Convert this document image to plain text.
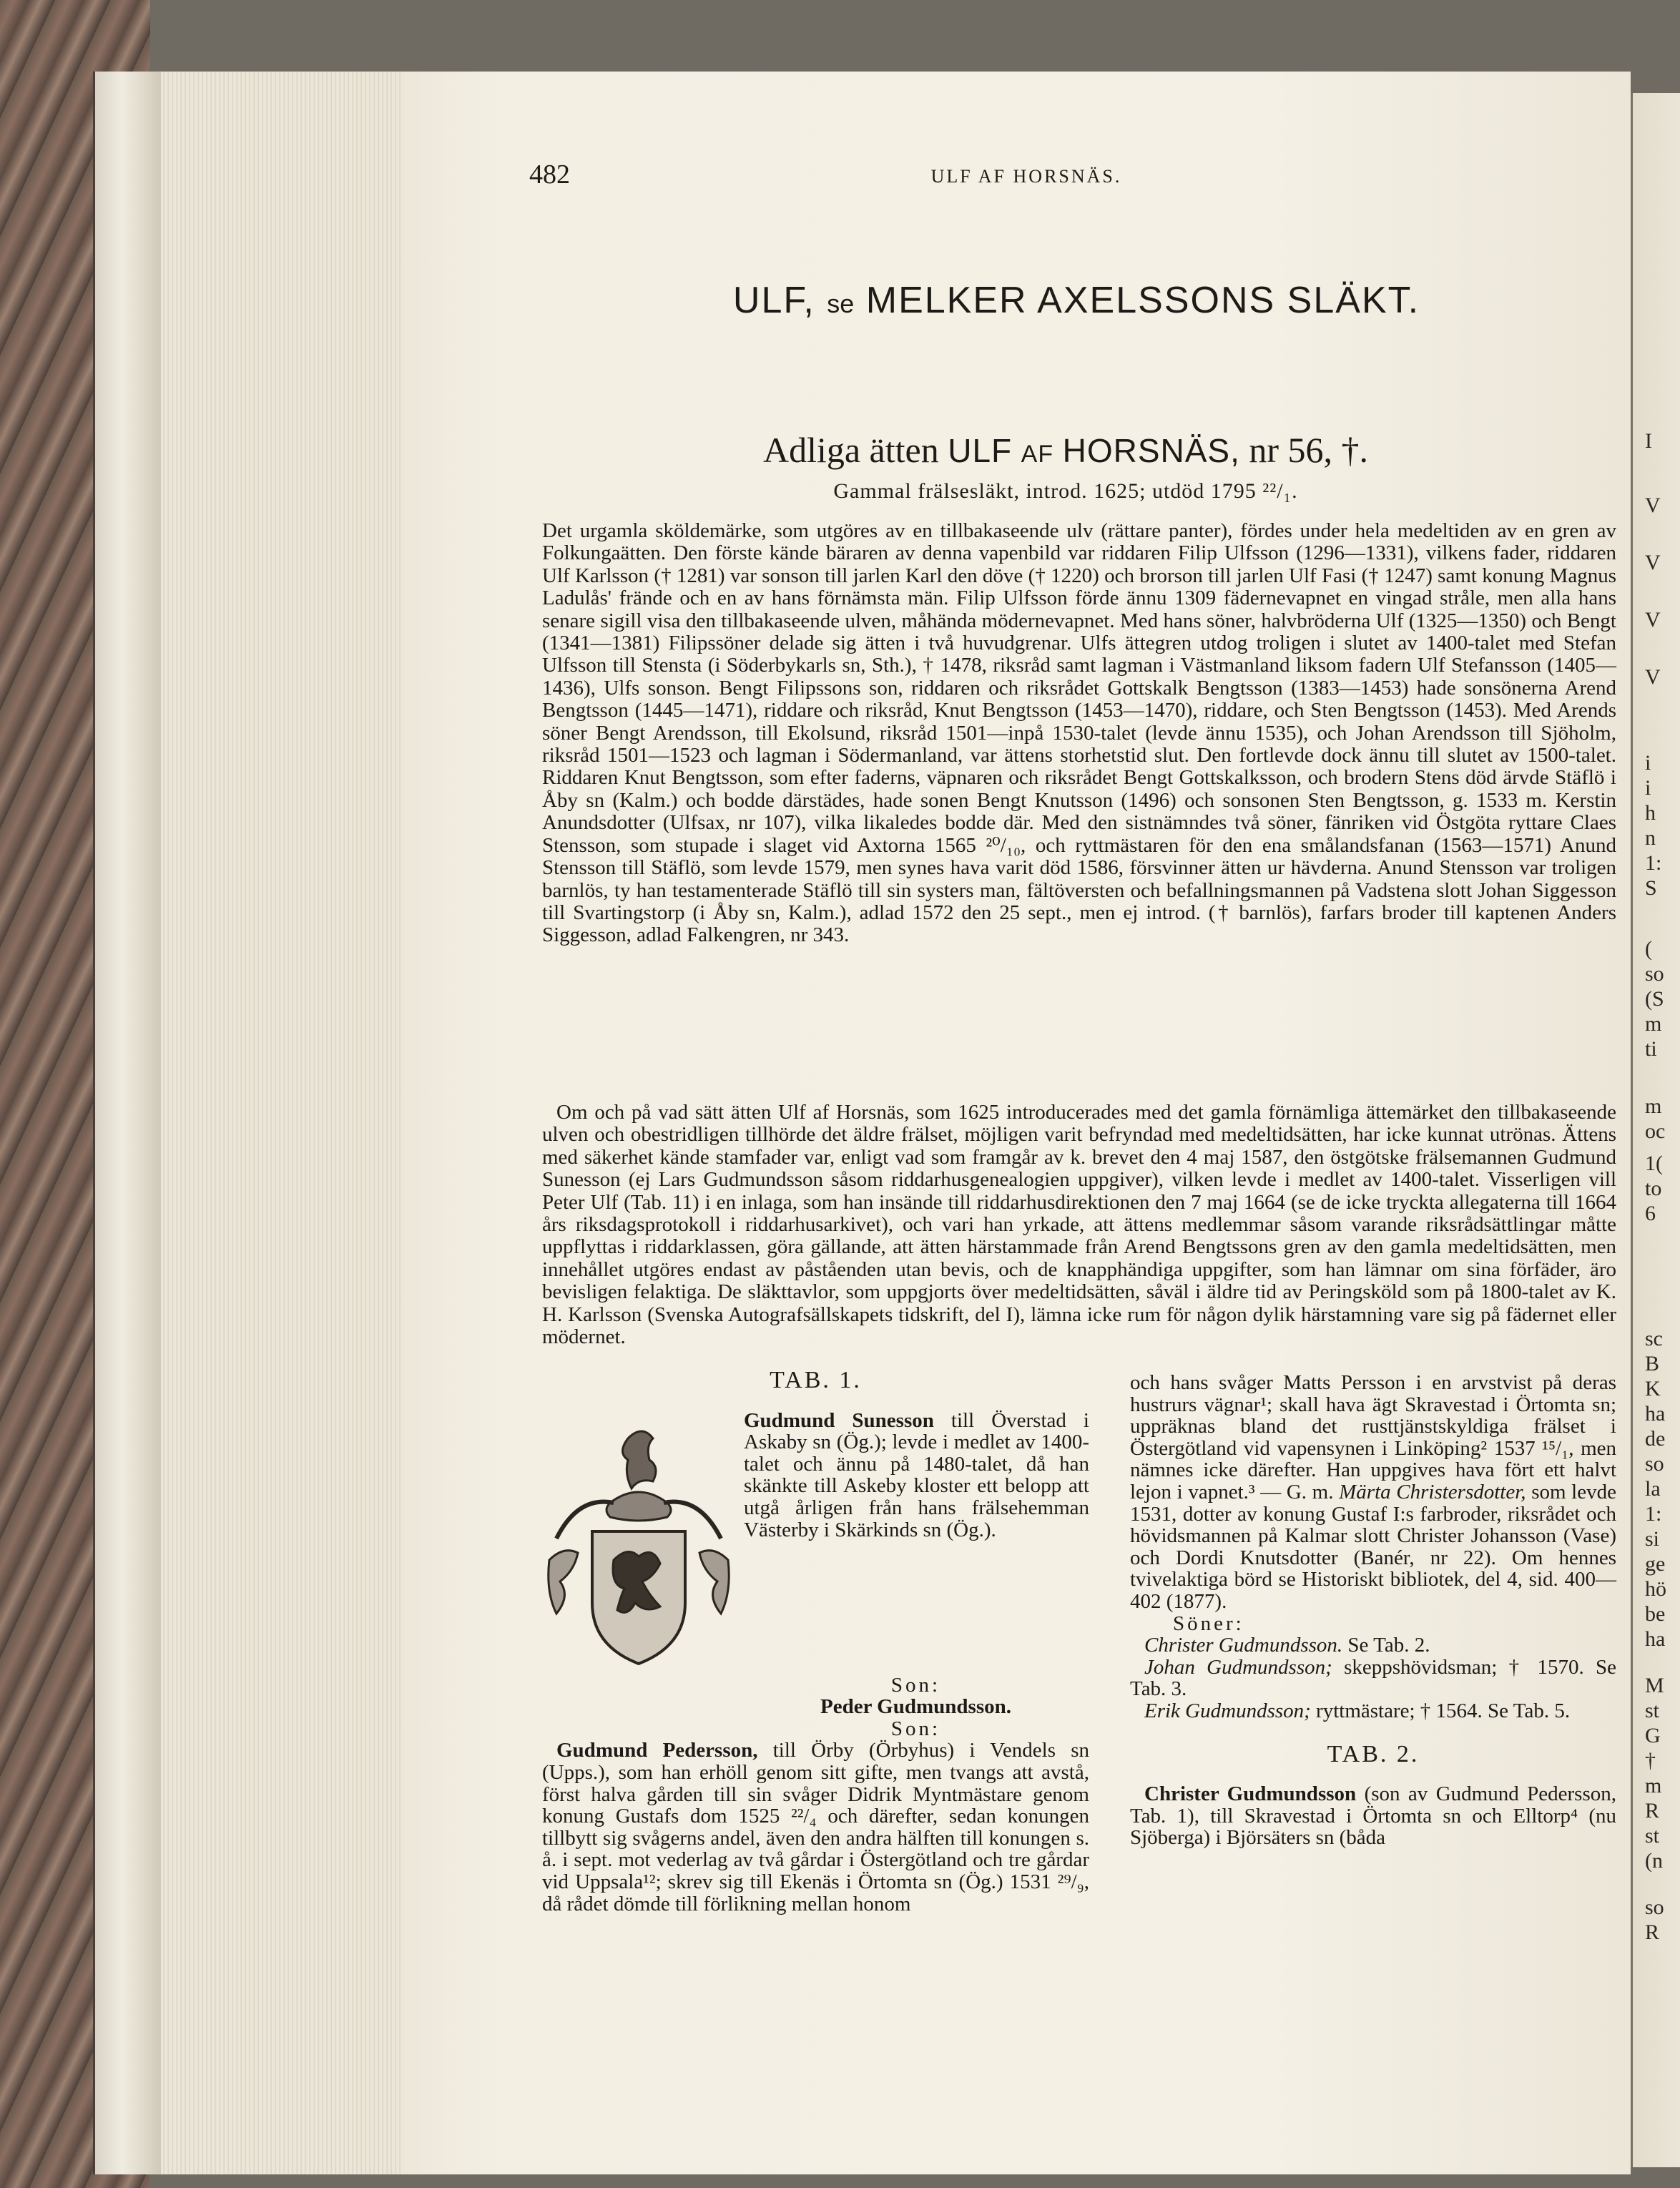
482	ULF AF HORSNÄS.
ULF, se MELKER AXELSSONS SLÄKT.
Adliga ätten ULF AF HORSNÄS, nr 56, †.
Gammal frälsesläkt, introd. 1625; utdöd 1795 ²²/₁.

Det urgamla sköldemärke, som utgöres av en tillbakaseende ulv (rättare panter), fördes under hela medeltiden av en gren av Folkungaätten. Den förste kände bäraren av denna vapenbild var riddaren Filip Ulfsson (1296—1331), vilkens fader, riddaren Ulf Karlsson († 1281) var sonson till jarlen Karl den döve († 1220) och brorson till jarlen Ulf Fasi († 1247) samt konung Magnus Ladulås' frände och en av hans förnämsta män. Filip Ulfsson förde ännu 1309 fädernevapnet en vingad stråle, men alla hans senare sigill visa den tillbakaseende ulven, måhända mödernevapnet. Med hans söner, halvbröderna Ulf (1325—1350) och Bengt (1341—1381) Filipssöner delade sig ätten i två huvudgrenar. Ulfs ättegren utdog troligen i slutet av 1400-talet med Stefan Ulfsson till Stensta (i Söderbykarls sn, Sth.), † 1478, riksråd samt lagman i Västmanland liksom fadern Ulf Stefansson (1405—1436), Ulfs sonson. Bengt Filipssons son, riddaren och riksrådet Gottskalk Bengtsson (1383—1453) hade sonsönerna Arend Bengtsson (1445—1471), riddare och riksråd, Knut Bengtsson (1453—1470), riddare, och Sten Bengtsson (1453). Med Arends söner Bengt Arendsson, till Ekolsund, riksråd 1501—inpå 1530-talet (levde ännu 1535), och Johan Arendsson till Sjöholm, riksråd 1501—1523 och lagman i Södermanland, var ättens storhetstid slut. Den fortlevde dock ännu till slutet av 1500-talet. Riddaren Knut Bengtsson, som efter faderns, väpnaren och riksrådet Bengt Gottskalksson, och brodern Stens död ärvde Stäflö i Åby sn (Kalm.) och bodde därstädes, hade sonen Bengt Knutsson (1496) och sonsonen Sten Bengtsson, g. 1533 m. Kerstin Anundsdotter (Ulfsax, nr 107), vilka likaledes bodde där. Med den sistnämndes två söner, fänriken vid Östgöta ryttare Claes Stensson, som stupade i slaget vid Axtorna 1565 ²⁰/₁₀, och ryttmästaren för den ena smålandsfanan (1563—1571) Anund Stensson till Stäflö, som levde 1579, men synes hava varit död 1586, försvinner ätten ur hävderna. Anund Stensson var troligen barnlös, ty han testamenterade Stäflö till sin systers man, fältöversten och befallningsmannen på Vadstena slott Johan Siggesson till Svartingstorp (i Åby sn, Kalm.), adlad 1572 den 25 sept., men ej introd. († barnlös), farfars broder till kaptenen Anders Siggesson, adlad Falkengren, nr 343.

Om och på vad sätt ätten Ulf af Horsnäs, som 1625 introducerades med det gamla förnämliga ättemärket den tillbakaseende ulven och obestridligen tillhörde det äldre frälset, möjligen varit befryndad med medeltidsätten, har icke kunnat utrönas. Ättens med säkerhet kände stamfader var, enligt vad som framgår av k. brevet den 4 maj 1587, den östgötske frälsemannen Gudmund Sunesson (ej Lars Gudmundsson såsom riddarhusgenealogien uppgiver), vilken levde i medlet av 1400-talet. Visserligen vill Peter Ulf (Tab. 11) i en inlaga, som han insände till riddarhusdirektionen den 7 maj 1664 (se de icke tryckta allegaterna till 1664 års riksdagsprotokoll i riddarhusarkivet), och vari han yrkade, att ättens medlemmar såsom varande riksrådsättlingar måtte uppflyttas i riddarklassen, göra gällande, att ätten härstammade från Arend Bengtssons gren av den gamla medeltidsätten, men innehållet utgöres endast av påståenden utan bevis, och de knapphändiga uppgifter, som han lämnar om sina förfäder, äro bevisligen felaktiga. De släkttavlor, som uppgjorts över medeltidsätten, såväl i äldre tid av Peringsköld som på 1800-talet av K. H. Karlsson (Svenska Autografsällskapets tidskrift, del I), lämna icke rum för någon dylik härstamning vare sig på fädernet eller mödernet.

TAB. 1.

Gudmund Sunesson till Överstad i Askaby sn (Ög.); levde i medlet av 1400-talet och ännu på 1480-talet, då han skänkte till Askeby kloster ett belopp att utgå årligen från hans frälsehemman Västerby i Skärkinds sn (Ög.).

Son:
Peder Gudmundsson.
Son:

Gudmund Pedersson, till Örby (Örbyhus) i Vendels sn (Upps.), som han erhöll genom sitt gifte, men tvangs att avstå, först halva gården till sin svåger Didrik Myntmästare genom konung Gustafs dom 1525 ²²/₄ och därefter, sedan konungen tillbytt sig svågerns andel, även den andra hälften till konungen s. å. i sept. mot vederlag av två gårdar i Östergötland och tre gårdar vid Uppsala¹²; skrev sig till Ekenäs i Örtomta sn (Ög.) 1531 ²⁹/₉, då rådet dömde till förlikning mellan honom

och hans svåger Matts Persson i en arvstvist på deras hustrurs vägnar¹; skall hava ägt Skravestad i Örtomta sn; uppräknas bland det rusttjänstskyldiga frälset i Östergötland vid vapensynen i Linköping² 1537 ¹⁵/₁, men nämnes icke därefter. Han uppgives hava fört ett halvt lejon i vapnet.³ — G. m. Märta Christersdotter, som levde 1531, dotter av konung Gustaf I:s farbroder, riksrådet och hövidsmannen på Kalmar slott Christer Johansson (Vase) och Dordi Knutsdotter (Banér, nr 22). Om hennes tvivelaktiga börd se Historiskt bibliotek, del 4, sid. 400—402 (1877).

Söner:

Christer Gudmundsson. Se Tab. 2.

Johan Gudmundsson; skeppshövidsman; † 1570. Se Tab. 3.

Erik Gudmundsson; ryttmästare; † 1564. Se Tab. 5.

TAB. 2.

Christer Gudmundsson (son av Gudmund Pedersson, Tab. 1), till Skravestad i Örtomta sn och Elltorp⁴ (nu Sjöberga) i Björsäters sn (båda

I
V
V
V
V
i
i
h
n
1:
S
(
so
(S
m
ti
m
oc
1(
to
6
sc
B
K
ha
de
so
la
1:
si
ge
hö
be
ha
M
st
G
†
m
R
st
(n
so
R
